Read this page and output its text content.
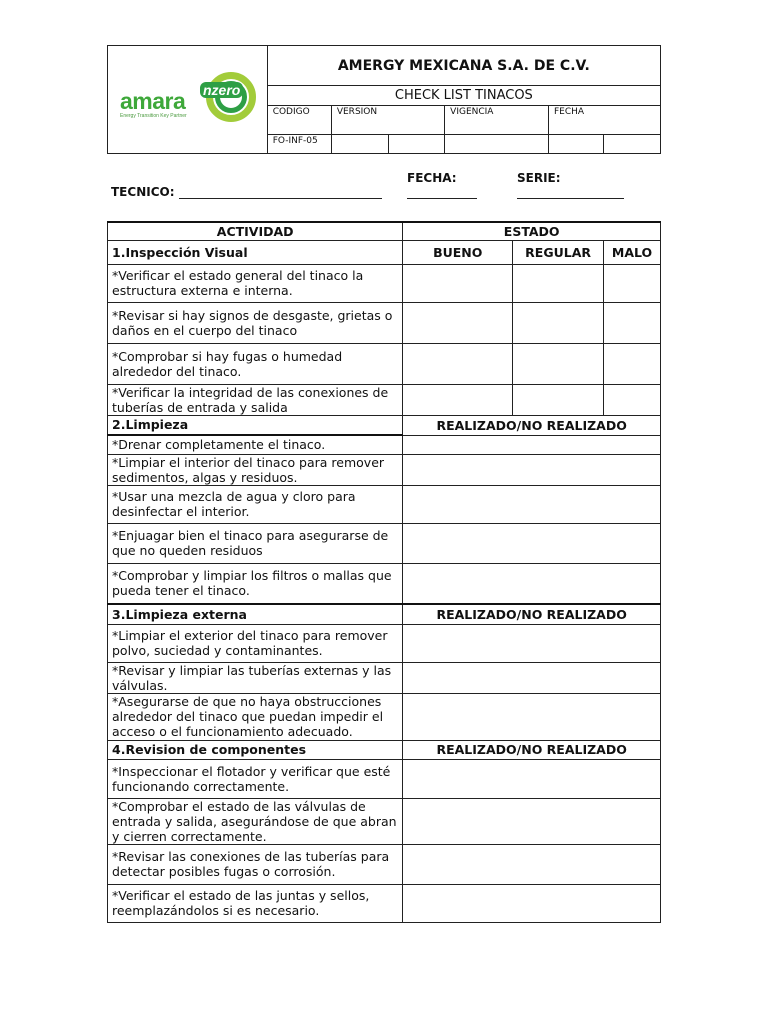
amara
Energy Transition Key Partner
nzero	AMERGY MEXICANA S.A. DE C.V.					
	CHECK LIST TINACOS					
	CODIGO	VERSION		VIGENCIA	FECHA	
	FO-INF-05					
FECHA:	SERIE:
TECNICO:
ACTIVIDAD	ESTADO		
1.Inspección Visual	BUENO	REGULAR	MALO
*Verificar el estado general del tinaco la estructura externa e interna.			
*Revisar si hay signos de desgaste, grietas o daños en el cuerpo del tinaco			
*Comprobar si hay fugas o humedad alrededor del tinaco.			
*Verificar la integridad de las conexiones de tuberías de entrada y salida			
2.Limpieza	REALIZADO/NO REALIZADO		
*Drenar completamente el tinaco.			
*Limpiar el interior del tinaco para remover sedimentos, algas y residuos.			
*Usar una mezcla de agua y cloro para desinfectar el interior.			
*Enjuagar bien el tinaco para asegurarse de que no queden residuos			
*Comprobar y limpiar los filtros o mallas que pueda tener el tinaco.			
3.Limpieza externa	REALIZADO/NO REALIZADO		
*Limpiar el exterior del tinaco para remover polvo, suciedad y contaminantes.			
*Revisar y limpiar las tuberías externas y las válvulas.			
*Asegurarse de que no haya obstrucciones alrededor del tinaco que puedan impedir el acceso o el funcionamiento adecuado.			
4.Revision de componentes	REALIZADO/NO REALIZADO		
*Inspeccionar el flotador y verificar que esté funcionando correctamente.			
*Comprobar el estado de las válvulas de entrada y salida, asegurándose de que abran y cierren correctamente.			
*Revisar las conexiones de las tuberías para detectar posibles fugas o corrosión.			
*Verificar el estado de las juntas y sellos, reemplazándolos si es necesario.			
